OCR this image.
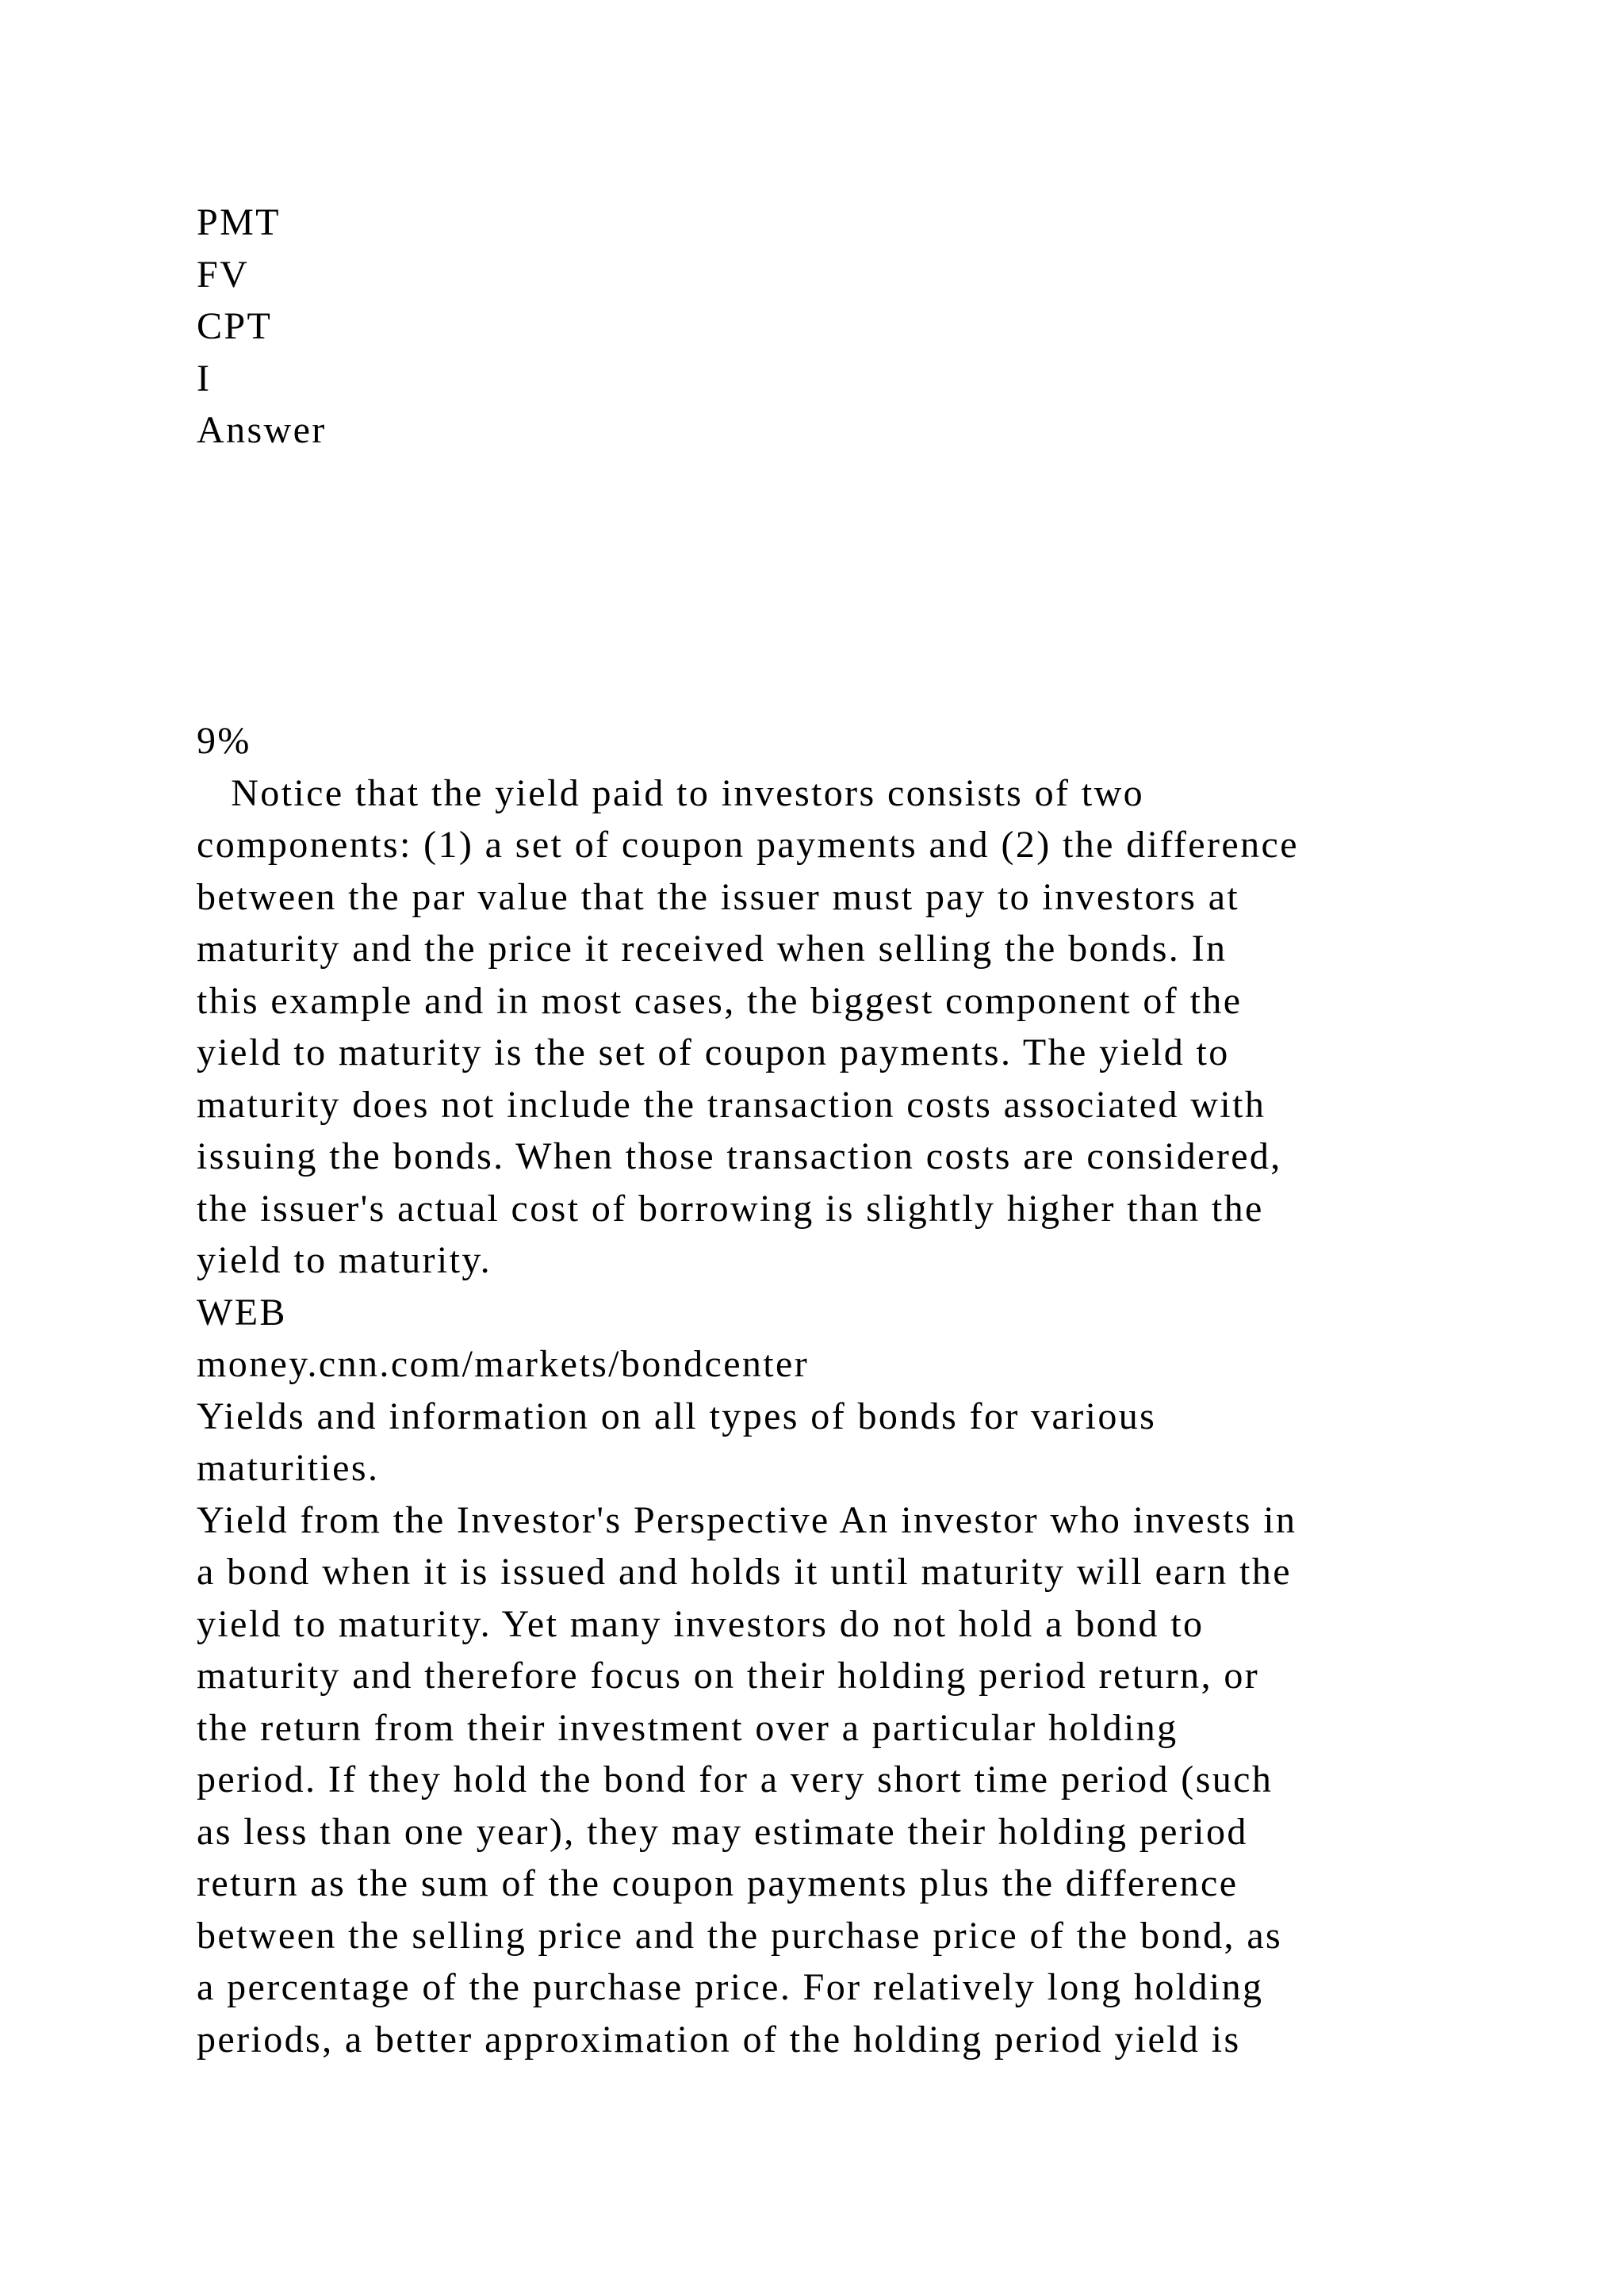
PMT
FV
CPT
I
Answer
9%
Notice that the yield paid to investors consists of two
components: (1) a set of coupon payments and (2) the difference
between the par value that the issuer must pay to investors at
maturity and the price it received when selling the bonds. In
this example and in most cases, the biggest component of the
yield to maturity is the set of coupon payments. The yield to
maturity does not include the transaction costs associated with
issuing the bonds. When those transaction costs are considered,
the issuer's actual cost of borrowing is slightly higher than the
yield to maturity.
WEB
money.cnn.com/markets/bondcenter
Yields and information on all types of bonds for various
maturities.
Yield from the Investor's Perspective An investor who invests in
a bond when it is issued and holds it until maturity will earn the
yield to maturity. Yet many investors do not hold a bond to
maturity and therefore focus on their holding period return, or
the return from their investment over a particular holding
period. If they hold the bond for a very short time period (such
as less than one year), they may estimate their holding period
return as the sum of the coupon payments plus the difference
between the selling price and the purchase price of the bond, as
a percentage of the purchase price. For relatively long holding
periods, a better approximation of the holding period yield is
